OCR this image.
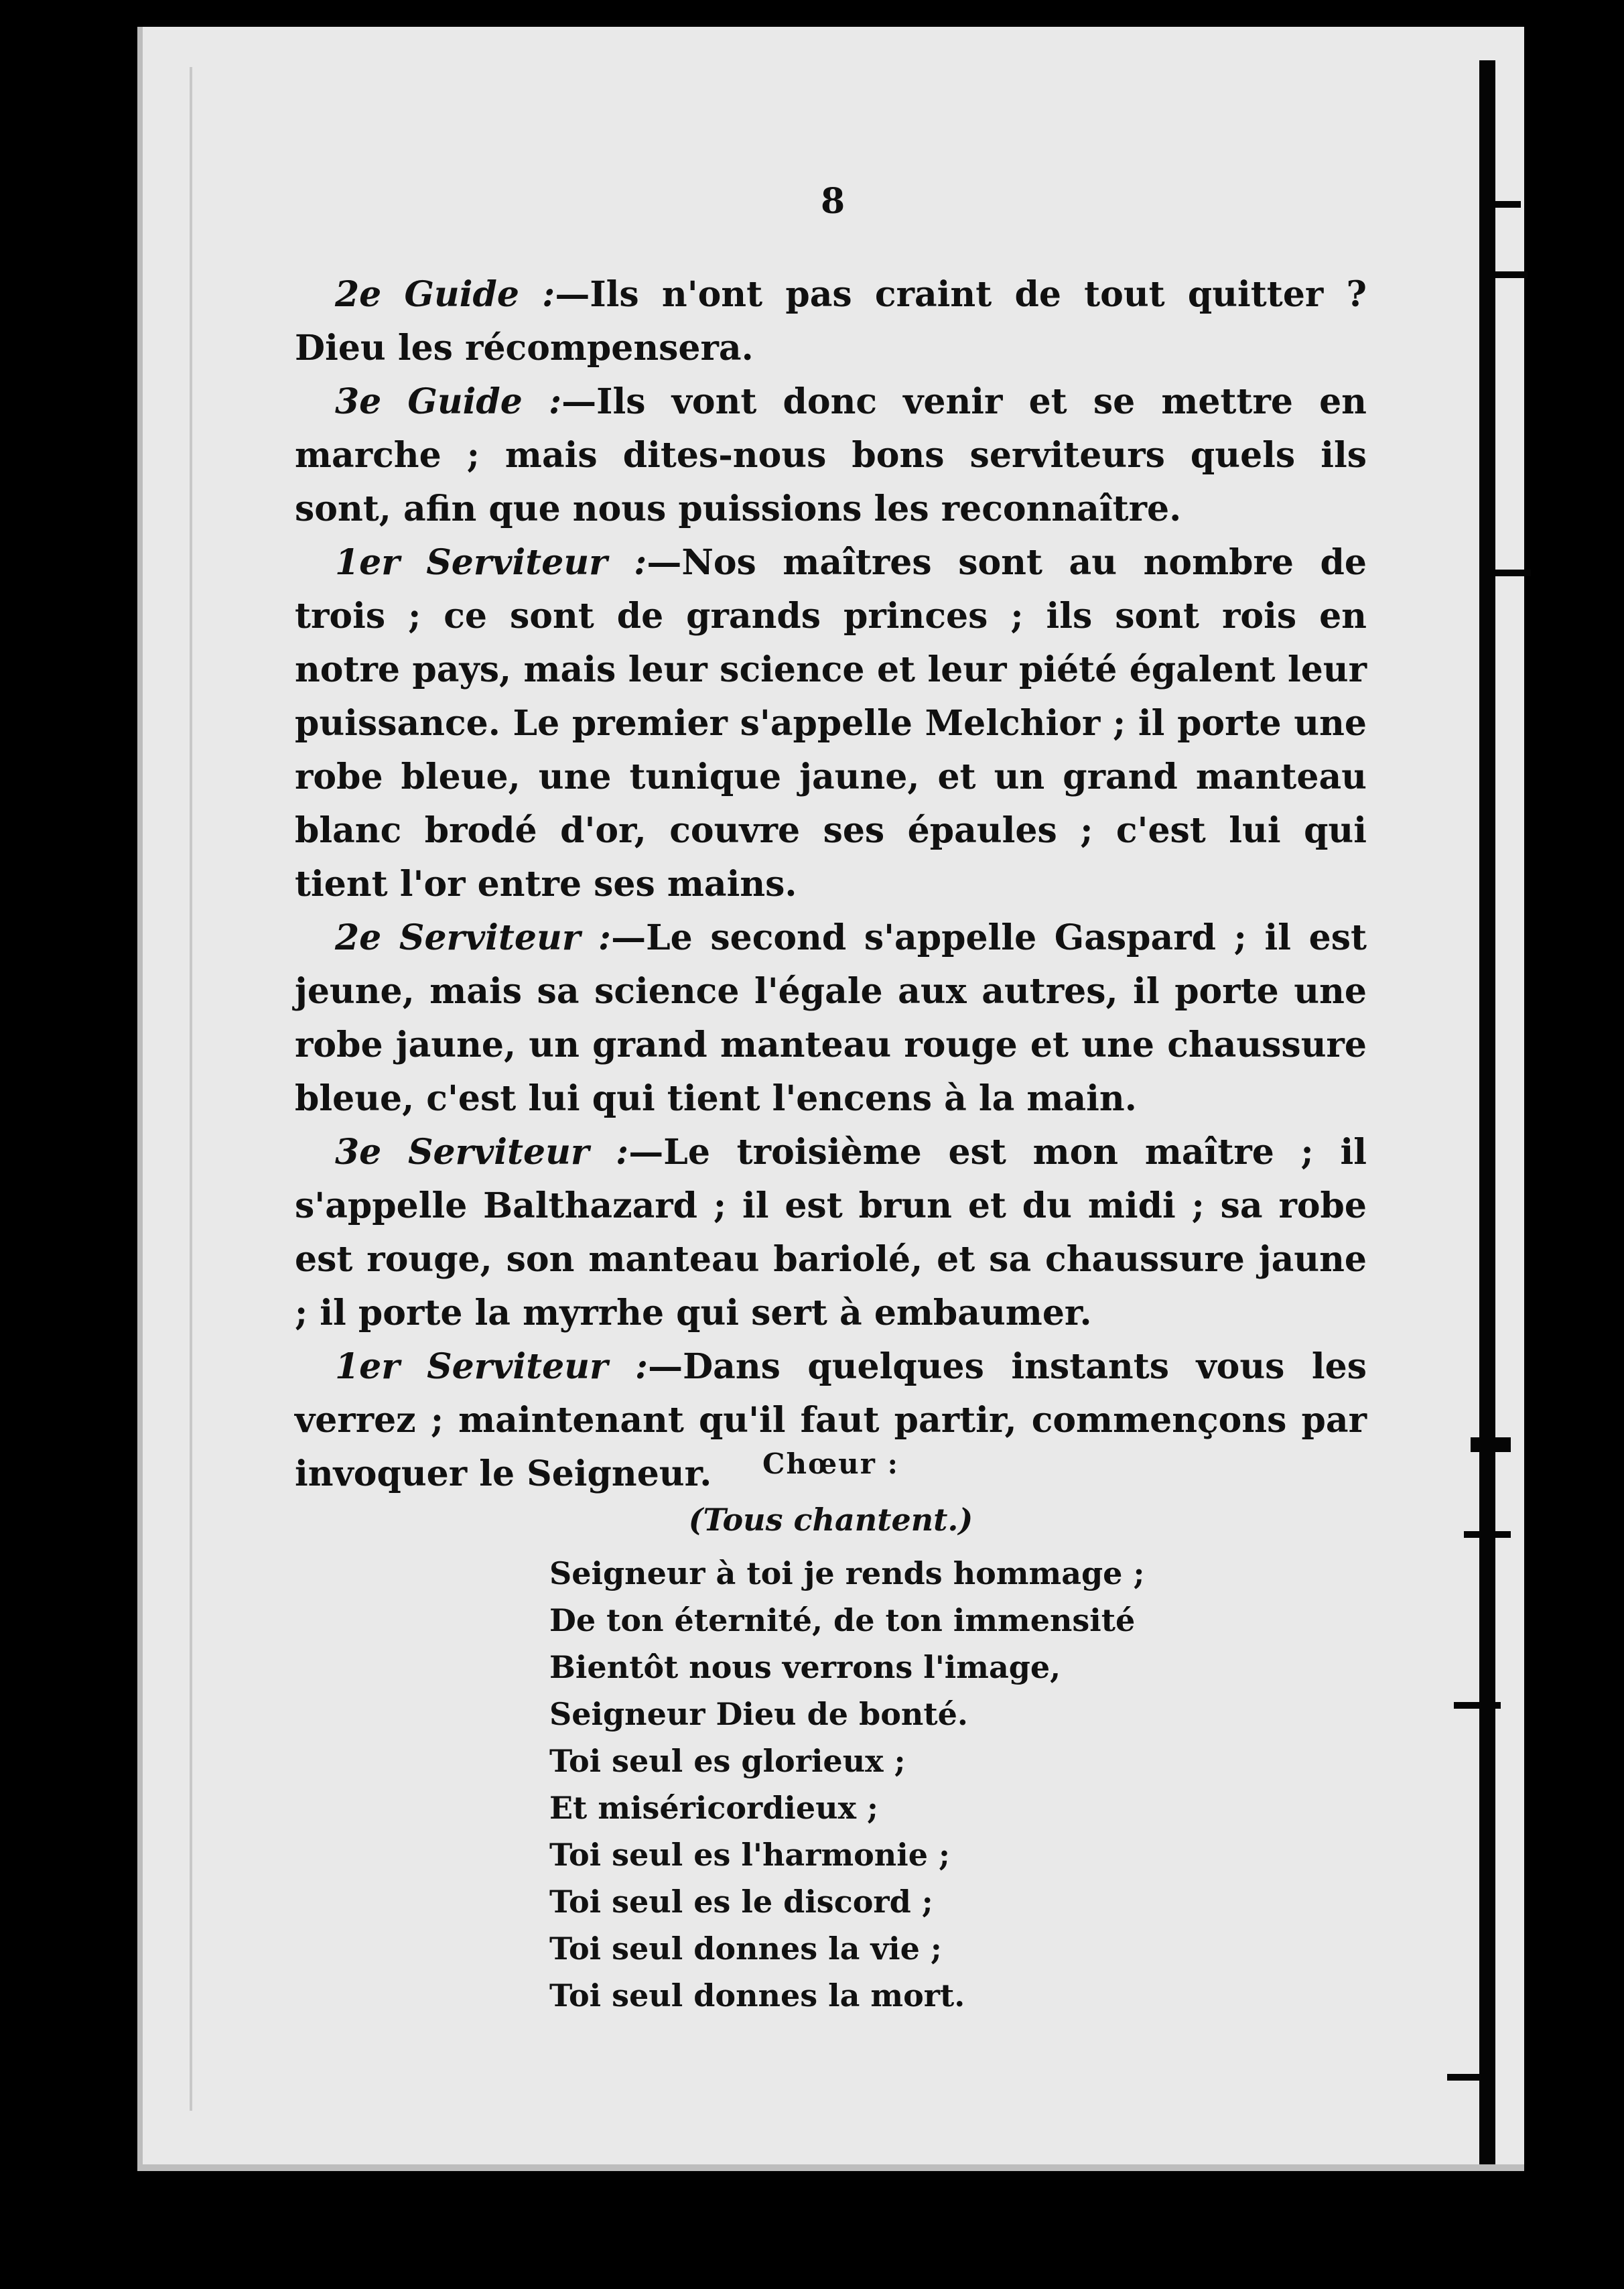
8

2e Guide :—Ils n'ont pas craint de tout quitter ? Dieu les récompensera.

3e Guide :—Ils vont donc venir et se mettre en marche ; mais dites-nous bons serviteurs quels ils sont, afin que nous puissions les reconnaître.

1er Serviteur :—Nos maîtres sont au nombre de trois ; ce sont de grands princes ; ils sont rois en notre pays, mais leur science et leur piété égalent leur puissance. Le premier s'appelle Melchior ; il porte une robe bleue, une tunique jaune, et un grand manteau blanc brodé d'or, couvre ses épaules ; c'est lui qui tient l'or entre ses mains.

2e Serviteur :—Le second s'appelle Gaspard ; il est jeune, mais sa science l'égale aux autres, il porte une robe jaune, un grand manteau rouge et une chaussure bleue, c'est lui qui tient l'encens à la main.

3e Serviteur :—Le troisième est mon maître ; il s'appelle Balthazard ; il est brun et du midi ; sa robe est rouge, son manteau bariolé, et sa chaussure jaune ; il porte la myrrhe qui sert à embaumer.

1er Serviteur :—Dans quelques instants vous les verrez ; maintenant qu'il faut partir, commençons par invoquer le Seigneur.	Chœur :
(Tous chantent.)
Seigneur à toi je rends hommage ;
De ton éternité, de ton immensité
Bientôt nous verrons l'image,
Seigneur Dieu de bonté.
Toi seul es glorieux ;
Et miséricordieux ;
Toi seul es l'harmonie ;
Toi seul es le discord ;
Toi seul donnes la vie ;
Toi seul donnes la mort.
